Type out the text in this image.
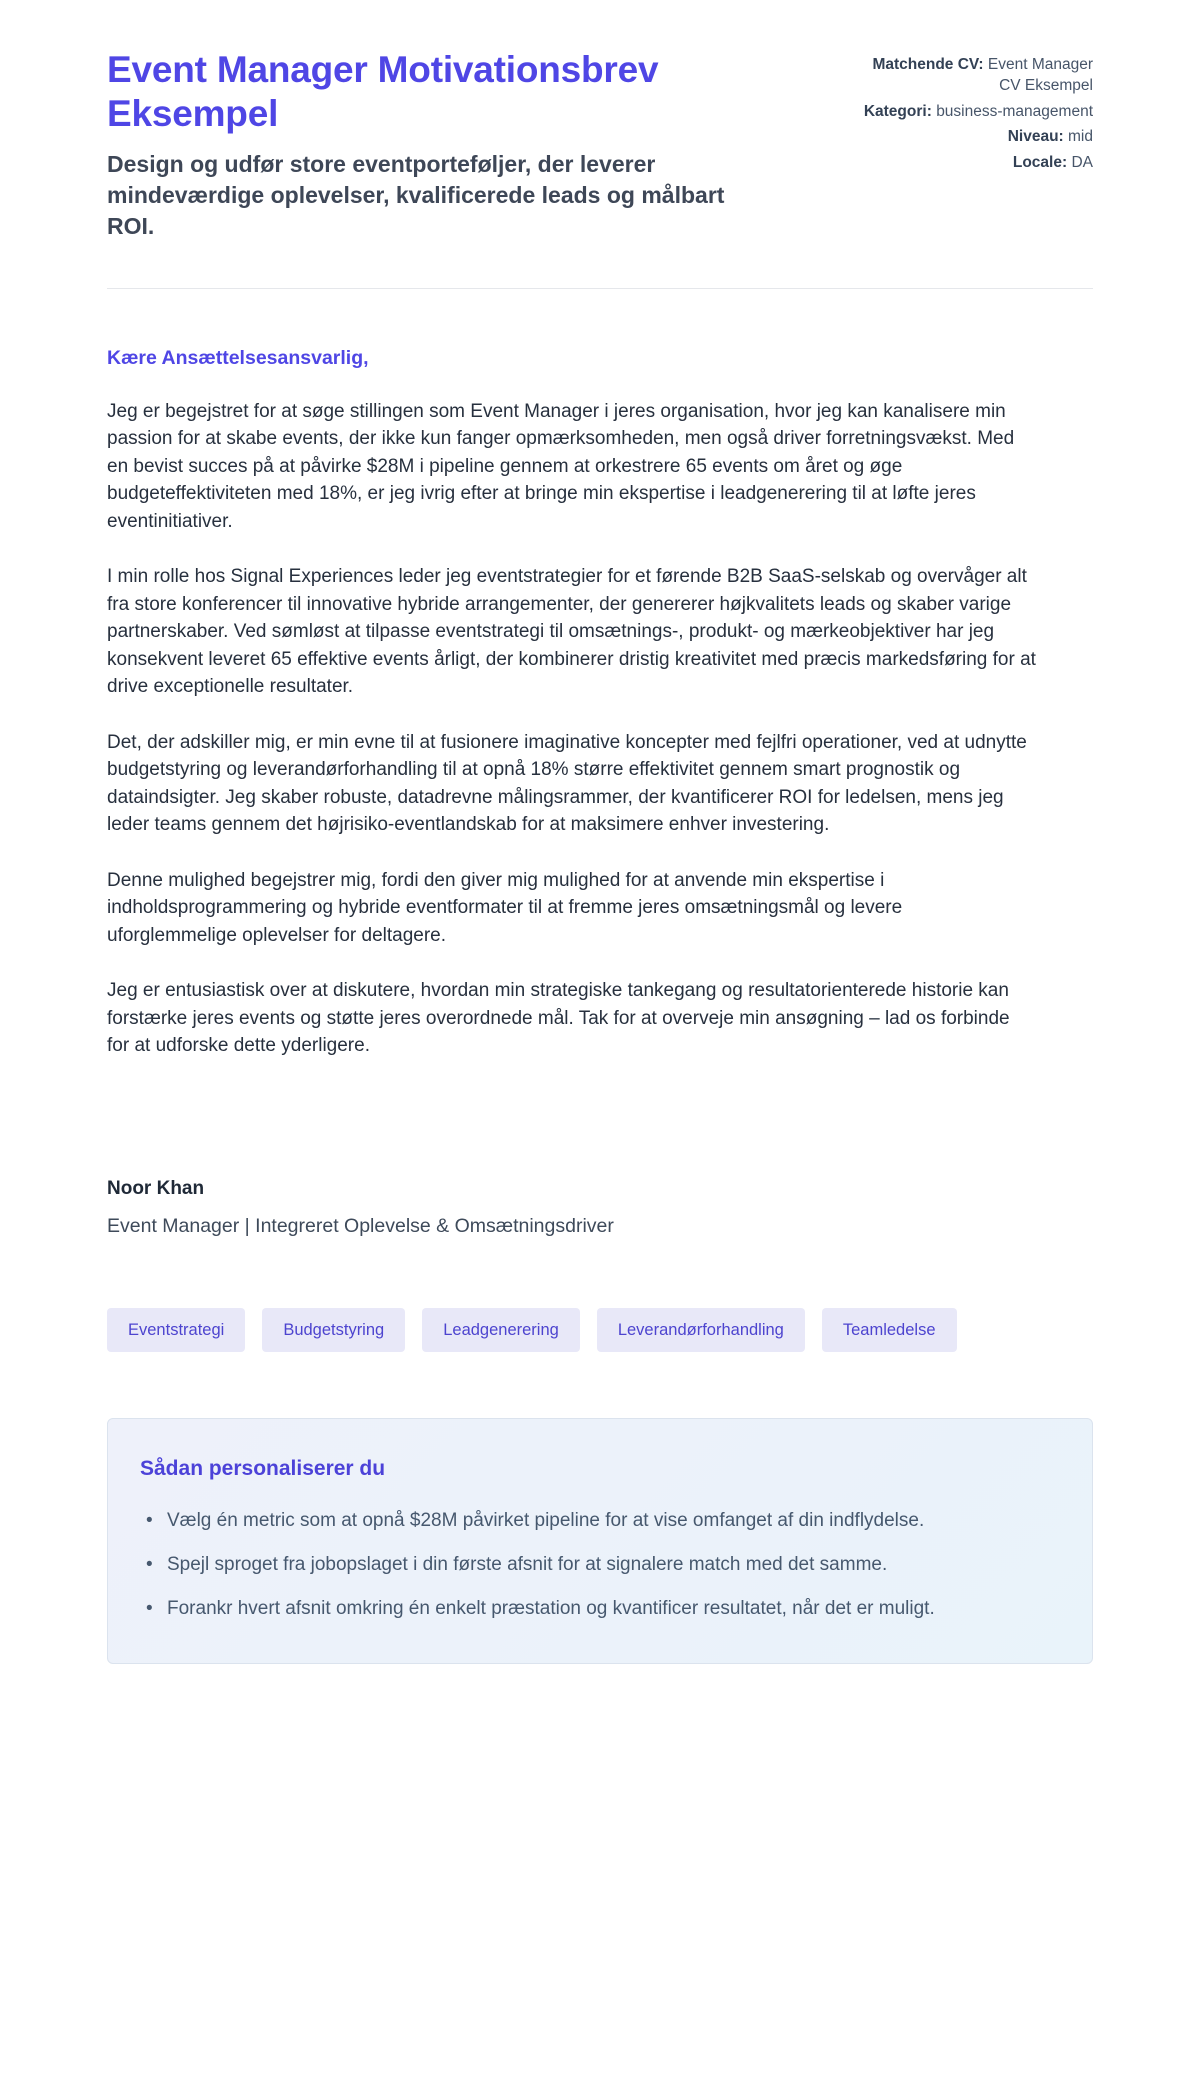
Event Manager Motivationsbrev Eksempel
Design og udfør store eventporteføljer, der leverer mindeværdige oplevelser, kvalificerede leads og målbart ROI.
Matchende CV: Event Manager CV Eksempel
Kategori: business-management
Niveau: mid
Locale: DA
Kære Ansættelsesansvarlig,

Jeg er begejstret for at søge stillingen som Event Manager i jeres organisation, hvor jeg kan kanalisere min passion for at skabe events, der ikke kun fanger opmærksomheden, men også driver forretningsvækst. Med en bevist succes på at påvirke $28M i pipeline gennem at orkestrere 65 events om året og øge budgeteffektiviteten med 18%, er jeg ivrig efter at bringe min ekspertise i leadgenerering til at løfte jeres eventinitiativer.

I min rolle hos Signal Experiences leder jeg eventstrategier for et førende B2B SaaS-selskab og overvåger alt fra store konferencer til innovative hybride arrangementer, der genererer højkvalitets leads og skaber varige partnerskaber. Ved sømløst at tilpasse eventstrategi til omsætnings-, produkt- og mærkeobjektiver har jeg konsekvent leveret 65 effektive events årligt, der kombinerer dristig kreativitet med præcis markedsføring for at drive exceptionelle resultater.

Det, der adskiller mig, er min evne til at fusionere imaginative koncepter med fejlfri operationer, ved at udnytte budgetstyring og leverandørforhandling til at opnå 18% større effektivitet gennem smart prognostik og dataindsigter. Jeg skaber robuste, datadrevne målingsrammer, der kvantificerer ROI for ledelsen, mens jeg leder teams gennem det højrisiko-eventlandskab for at maksimere enhver investering.

Denne mulighed begejstrer mig, fordi den giver mig mulighed for at anvende min ekspertise i indholdsprogrammering og hybride eventformater til at fremme jeres omsætningsmål og levere uforglemmelige oplevelser for deltagere.

Jeg er entusiastisk over at diskutere, hvordan min strategiske tankegang og resultatorienterede historie kan forstærke jeres events og støtte jeres overordnede mål. Tak for at overveje min ansøgning – lad os forbinde for at udforske dette yderligere.

Noor Khan
Event Manager | Integreret Oplevelse & Omsætningsdriver
Eventstrategi	Budgetstyring	Leadgenerering	Leverandørforhandling	Teamledelse
Sådan personaliserer du
• Vælg én metric som at opnå $28M påvirket pipeline for at vise omfanget af din indflydelse.
• Spejl sproget fra jobopslaget i din første afsnit for at signalere match med det samme.
• Forankr hvert afsnit omkring én enkelt præstation og kvantificer resultatet, når det er muligt.
